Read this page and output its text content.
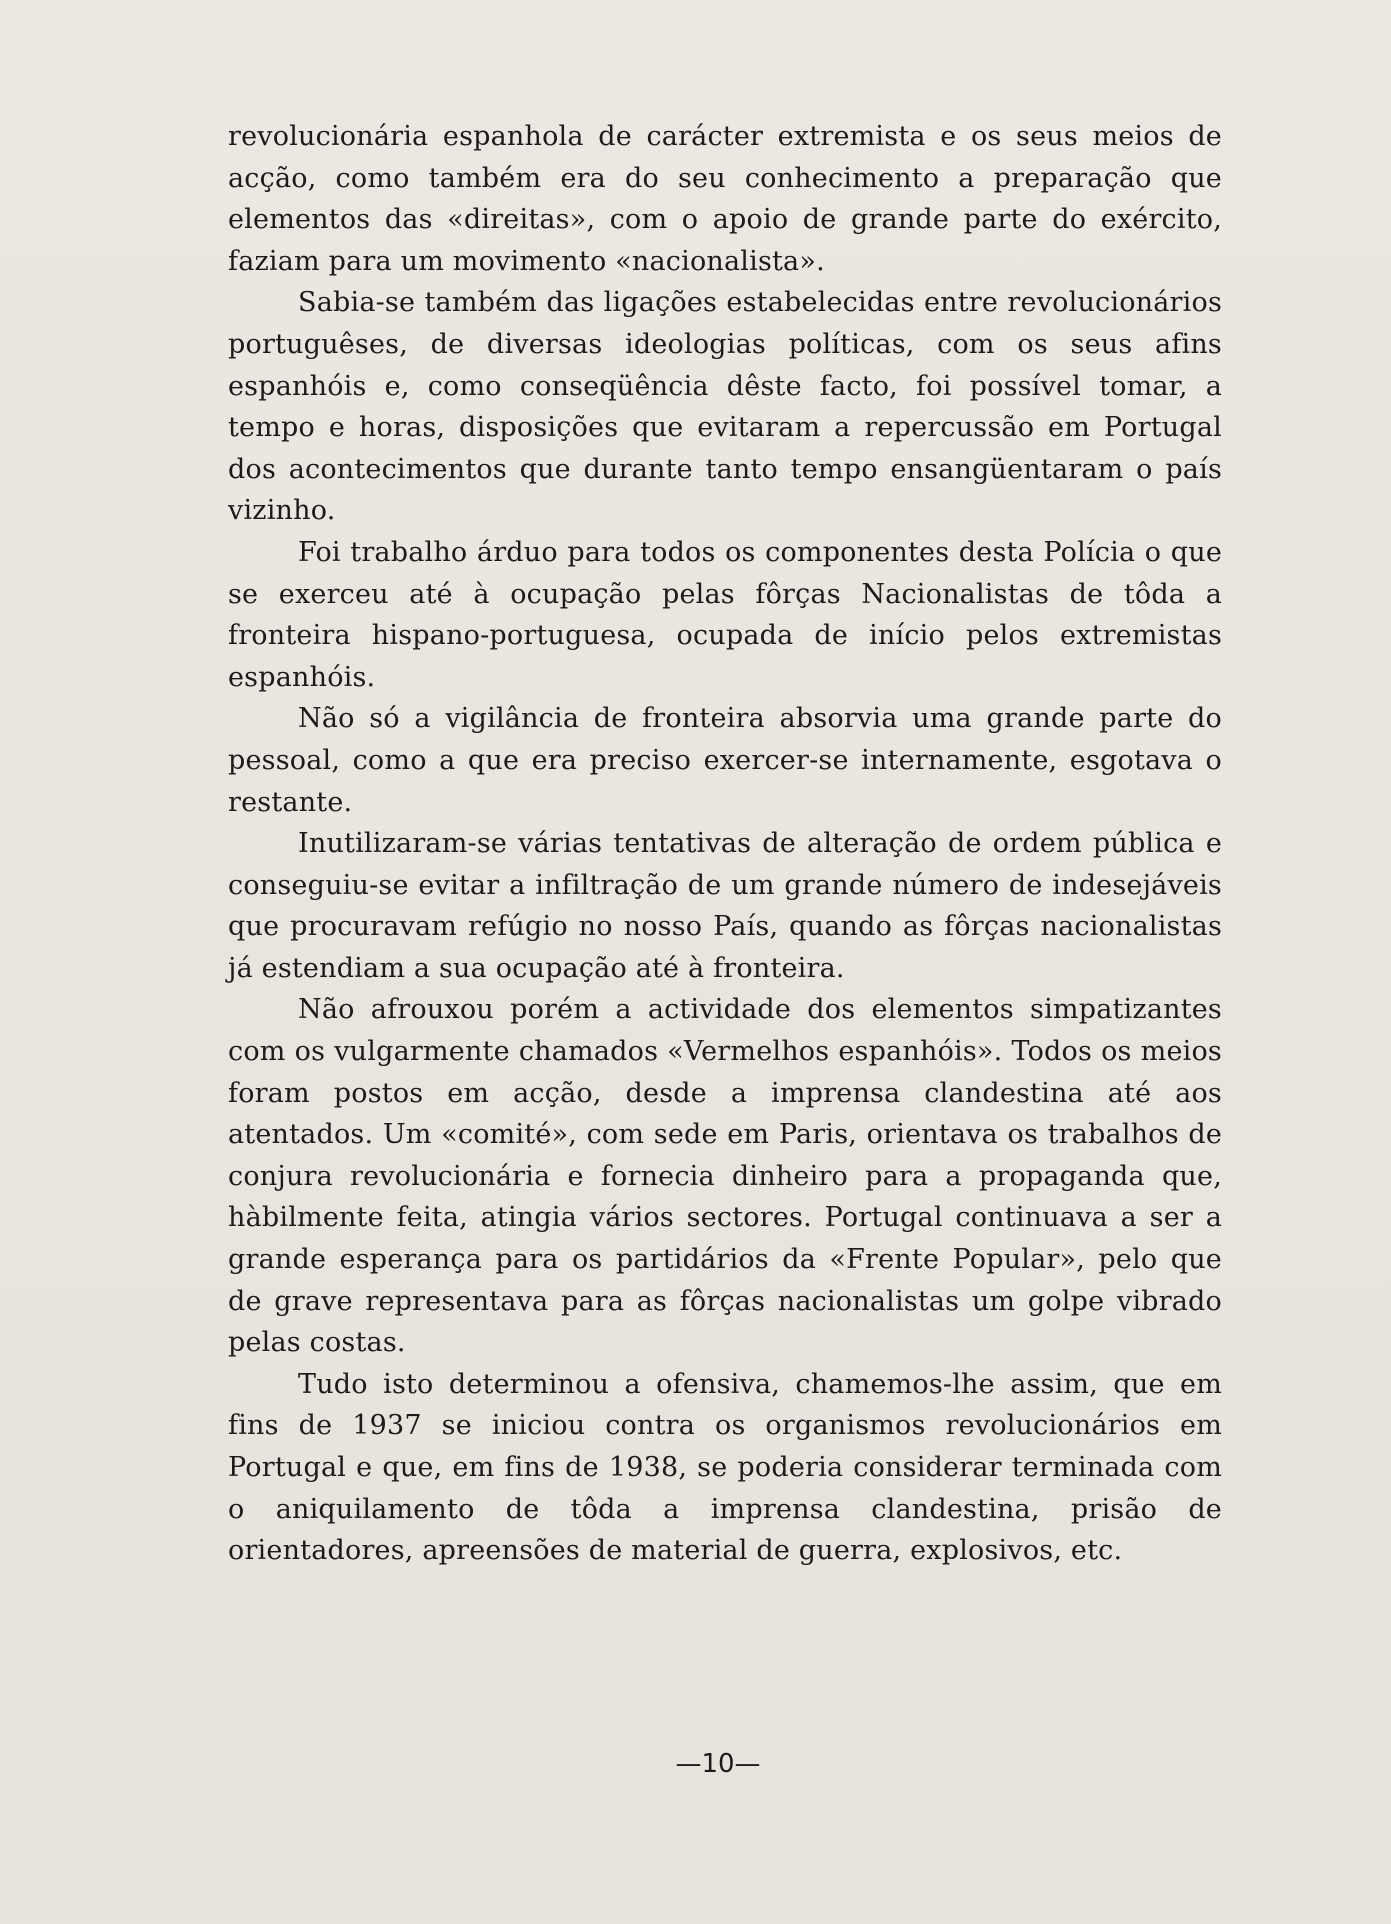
revolucionária espanhola de carácter extremista e os seus meios de acção, como também era do seu conhecimento a preparação que elementos das «direitas», com o apoio de grande parte do exército, faziam para um movimento «nacionalista».

Sabia-se também das ligações estabelecidas entre revolucionários portuguêses, de diversas ideologias políticas, com os seus afins espanhóis e, como conseqüência dêste facto, foi possível tomar, a tempo e horas, disposições que evitaram a repercussão em Portugal dos acontecimentos que durante tanto tempo ensangüentaram o país vizinho.

Foi trabalho árduo para todos os componentes desta Polícia o que se exerceu até à ocupação pelas fôrças Nacionalistas de tôda a fronteira hispano-portuguesa, ocupada de início pelos extremistas espanhóis.

Não só a vigilância de fronteira absorvia uma grande parte do pessoal, como a que era preciso exercer-se internamente, esgotava o restante.

Inutilizaram-se várias tentativas de alteração de ordem pública e conseguiu-se evitar a infiltração de um grande número de indesejáveis que procuravam refúgio no nosso País, quando as fôrças nacionalistas já estendiam a sua ocupação até à fronteira.

Não afrouxou porém a actividade dos elementos simpatizantes com os vulgarmente chamados «Vermelhos espanhóis». Todos os meios foram postos em acção, desde a imprensa clandestina até aos atentados. Um «comité», com sede em Paris, orientava os trabalhos de conjura revolucionária e fornecia dinheiro para a propaganda que, hàbilmente feita, atingia vários sectores. Portugal continuava a ser a grande esperança para os partidários da «Frente Popular», pelo que de grave representava para as fôrças nacionalistas um golpe vibrado pelas costas.

Tudo isto determinou a ofensiva, chamemos-lhe assim, que em fins de 1937 se iniciou contra os organismos revolucionários em Portugal e que, em fins de 1938, se poderia considerar terminada com o aniquilamento de tôda a imprensa clandestina, prisão de orientadores, apreensões de material de guerra, explosivos, etc.

—10—
